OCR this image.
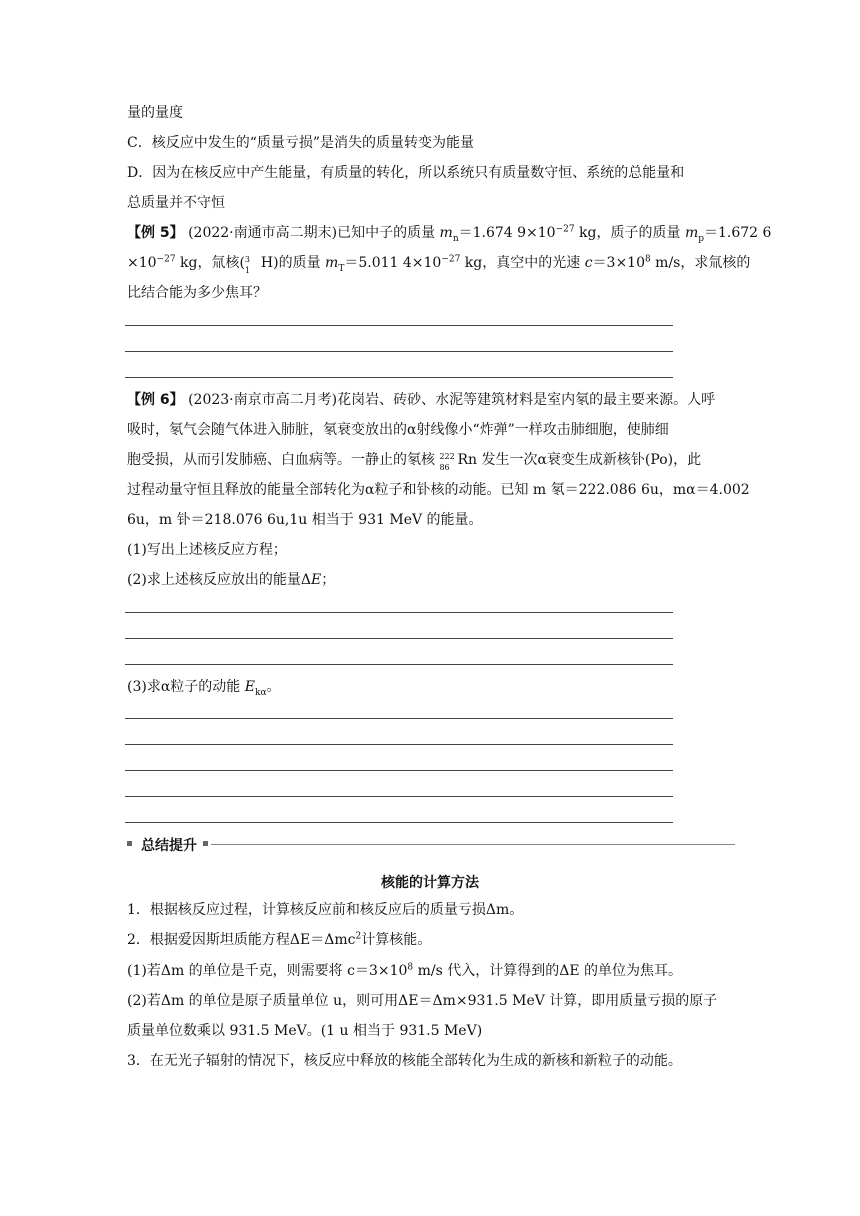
量的量度
C．核反应中发生的“质量亏损”是消失的质量转变为能量
D．因为在核反应中产生能量，有质量的转化，所以系统只有质量数守恒、系统的总能量和
总质量并不守恒
【例 5】 (2022·南通市高二期末)已知中子的质量 $m_n=1.674$ $9\times 10^{-27}$ kg，质子的质量 $m_p=1.672$ 6
$\times 10^{-27}$ kg，氚核( 3
1 H)的质量 $m_T=5.011$ $4\times 10^{-27}$ kg，真空中的光速 $c=3\times 10^8$ m/s，求氚核的
比结合能为多少焦耳？
【例 6】 (2023·南京市高二月考)花岗岩、砖砂、水泥等建筑材料是室内氡的最主要来源。人呼
吸时，氡气会随气体进入肺脏，氡衰变放出的α射线像小“炸弹”一样攻击肺细胞，使肺细
胞受损，从而引发肺癌、白血病等。一静止的氡核 222
86 Rn 发生一次α衰变生成新核钋(Po)，此
过程动量守恒且释放的能量全部转化为α粒子和钋核的动能。已知 m 氡＝222.086 6u，mα＝4.002
6u，m 钋＝218.076 6u,1u 相当于 931 MeV 的能量。
(1)写出上述核反应方程；
(2)求上述核反应放出的能量ΔE；
(3)求α粒子的动能 $E_{k\alpha}$。
总结提升
核能的计算方法
1．根据核反应过程，计算核反应前和核反应后的质量亏损Δm。
2．根据爱因斯坦质能方程ΔE＝Δmc$^2$计算核能。
(1)若Δm 的单位是千克，则需要将 $c=3\times 10^8$ m/s 代入，计算得到的ΔE 的单位为焦耳。
(2)若Δm 的单位是原子质量单位 u，则可用ΔE＝Δm×931.5 MeV 计算，即用质量亏损的原子
质量单位数乘以 931.5 MeV。(1 u 相当于 931.5 MeV)
3．在无光子辐射的情况下，核反应中释放的核能全部转化为生成的新核和新粒子的动能。
